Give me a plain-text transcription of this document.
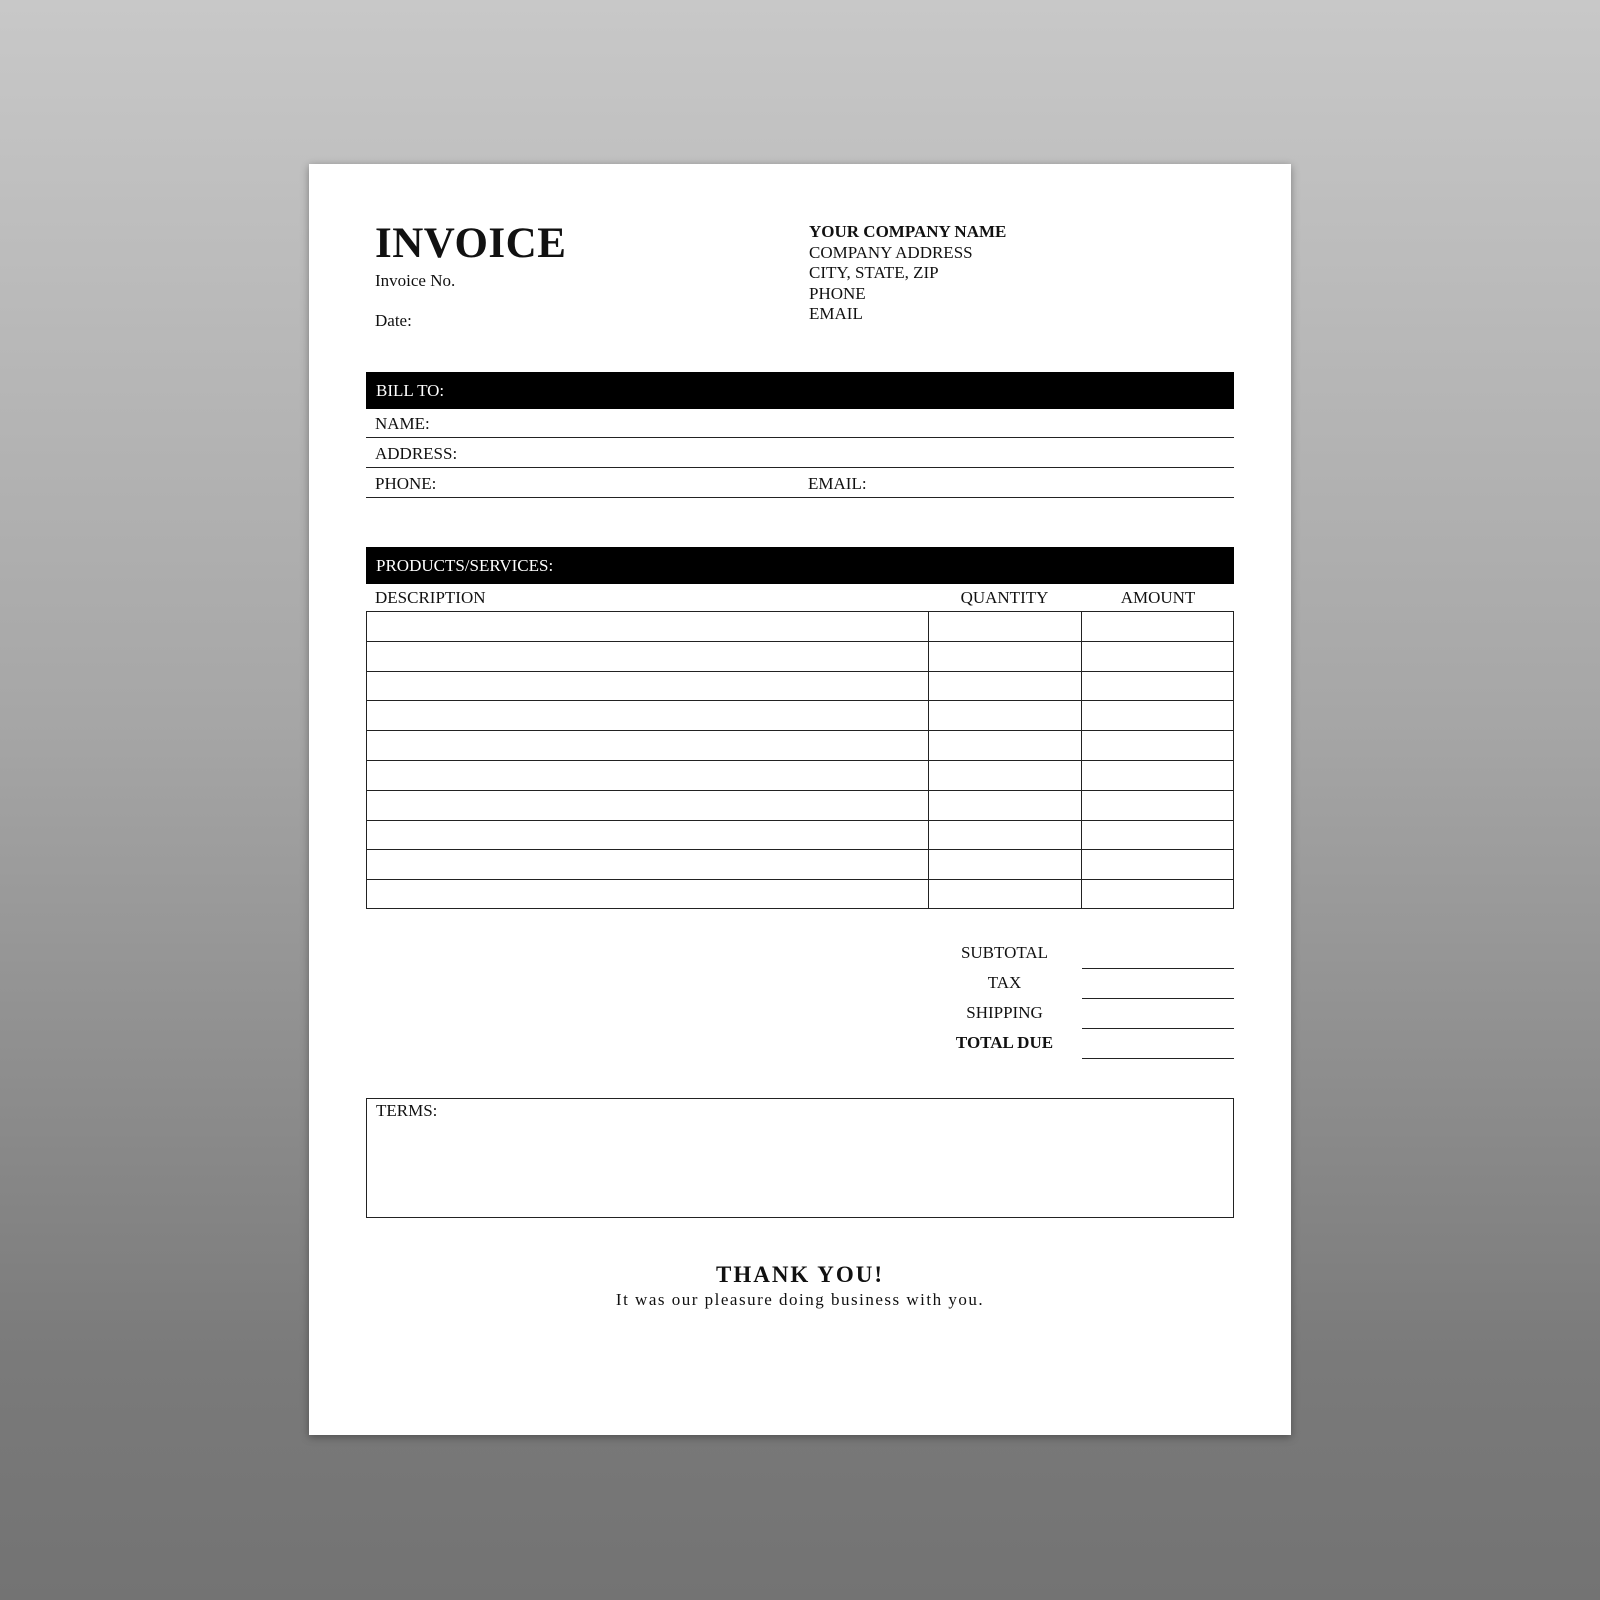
INVOICE
Invoice No.
Date:
YOUR COMPANY NAME
COMPANY ADDRESS
CITY, STATE, ZIP
PHONE
EMAIL
BILL TO:
NAME:
ADDRESS:
PHONE:	EMAIL:
PRODUCTS/SERVICES:
DESCRIPTION	QUANTITY	AMOUNT
SUBTOTAL
TAX
SHIPPING
TOTAL DUE
TERMS:
THANK YOU!
It was our pleasure doing business with you.
